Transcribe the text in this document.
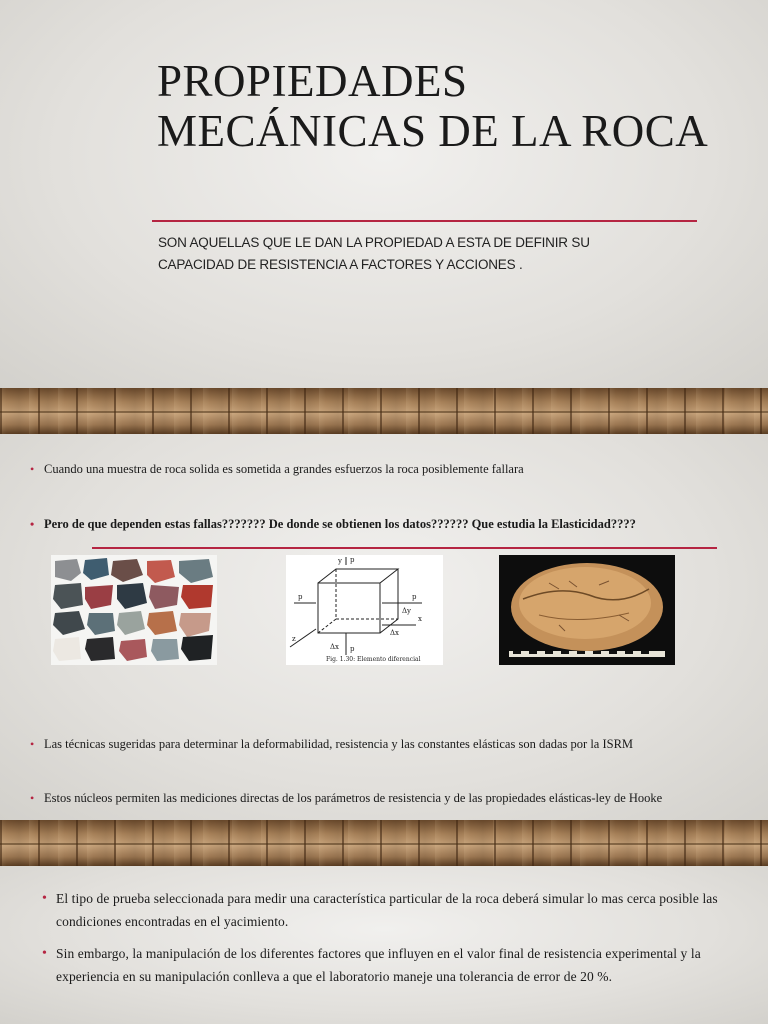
PROPIEDADES MECÁNICAS DE LA ROCA

SON AQUELLAS QUE LE DAN LA PROPIEDAD A ESTA DE DEFINIR SU CAPACIDAD DE RESISTENCIA A FACTORES Y ACCIONES .

• Cuando una muestra de roca solida es sometida a grandes esfuerzos la roca posiblemente fallara

• Pero de que dependen estas fallas??????? De donde se obtienen los datos?????? Que estudia la Elasticidad????

y
p	p
p
p
Δy
Δx
Δx
x
z
Fig. 1.30: Elemento diferencial

• Las técnicas sugeridas para determinar la deformabilidad, resistencia y las constantes elásticas son dadas por la ISRM

• Estos núcleos permiten las mediciones directas de los parámetros de resistencia y de las propiedades elásticas-ley de Hooke

• El tipo de prueba seleccionada para medir una característica particular de la roca deberá simular lo mas cerca posible las condiciones encontradas en el yacimiento.

• Sin embargo, la manipulación de los diferentes factores que influyen en el valor final de resistencia experimental y la experiencia en su manipulación conlleva a que el laboratorio maneje una tolerancia de error de 20 %.
